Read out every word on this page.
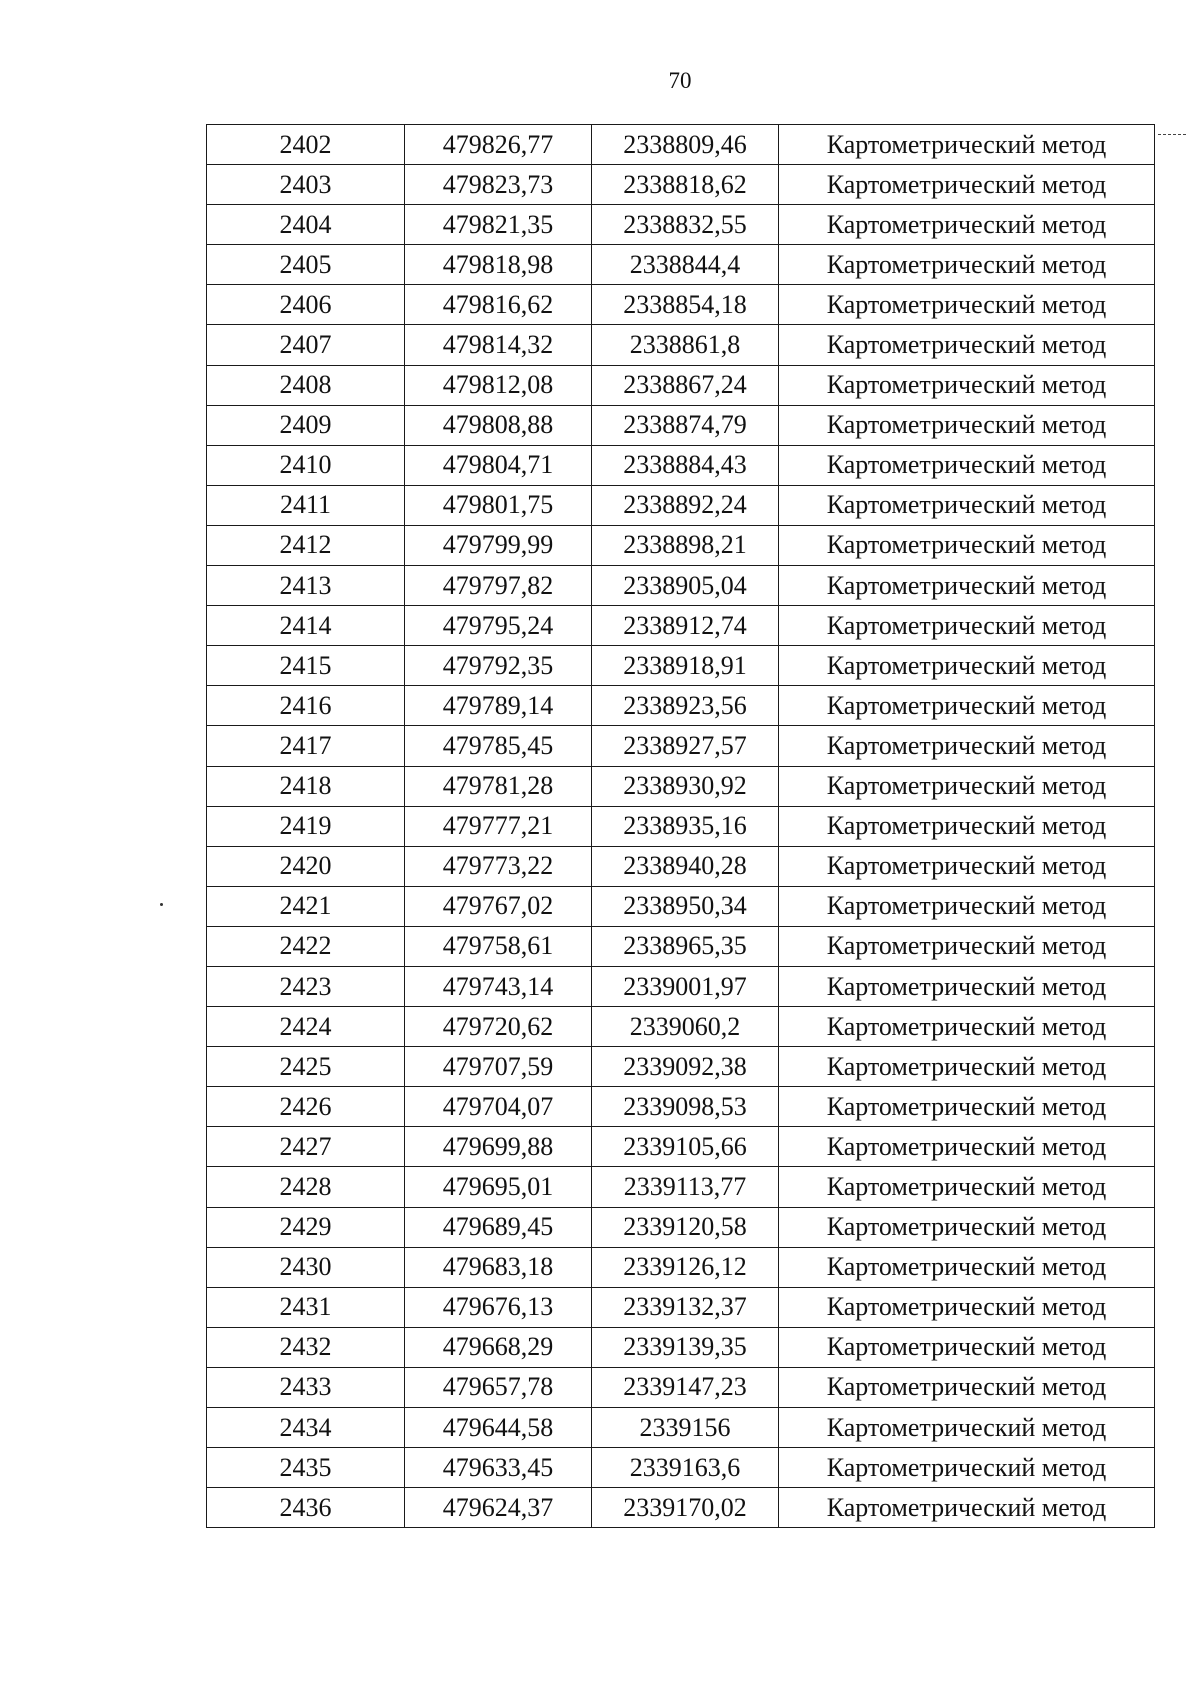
70
2402	479826,77	2338809,46	Картометрический метод
2403	479823,73	2338818,62	Картометрический метод
2404	479821,35	2338832,55	Картометрический метод
2405	479818,98	2338844,4	Картометрический метод
2406	479816,62	2338854,18	Картометрический метод
2407	479814,32	2338861,8	Картометрический метод
2408	479812,08	2338867,24	Картометрический метод
2409	479808,88	2338874,79	Картометрический метод
2410	479804,71	2338884,43	Картометрический метод
2411	479801,75	2338892,24	Картометрический метод
2412	479799,99	2338898,21	Картометрический метод
2413	479797,82	2338905,04	Картометрический метод
2414	479795,24	2338912,74	Картометрический метод
2415	479792,35	2338918,91	Картометрический метод
2416	479789,14	2338923,56	Картометрический метод
2417	479785,45	2338927,57	Картометрический метод
2418	479781,28	2338930,92	Картометрический метод
2419	479777,21	2338935,16	Картометрический метод
2420	479773,22	2338940,28	Картометрический метод
2421	479767,02	2338950,34	Картометрический метод
2422	479758,61	2338965,35	Картометрический метод
2423	479743,14	2339001,97	Картометрический метод
2424	479720,62	2339060,2	Картометрический метод
2425	479707,59	2339092,38	Картометрический метод
2426	479704,07	2339098,53	Картометрический метод
2427	479699,88	2339105,66	Картометрический метод
2428	479695,01	2339113,77	Картометрический метод
2429	479689,45	2339120,58	Картометрический метод
2430	479683,18	2339126,12	Картометрический метод
2431	479676,13	2339132,37	Картометрический метод
2432	479668,29	2339139,35	Картометрический метод
2433	479657,78	2339147,23	Картометрический метод
2434	479644,58	2339156	Картометрический метод
2435	479633,45	2339163,6	Картометрический метод
2436	479624,37	2339170,02	Картометрический метод
